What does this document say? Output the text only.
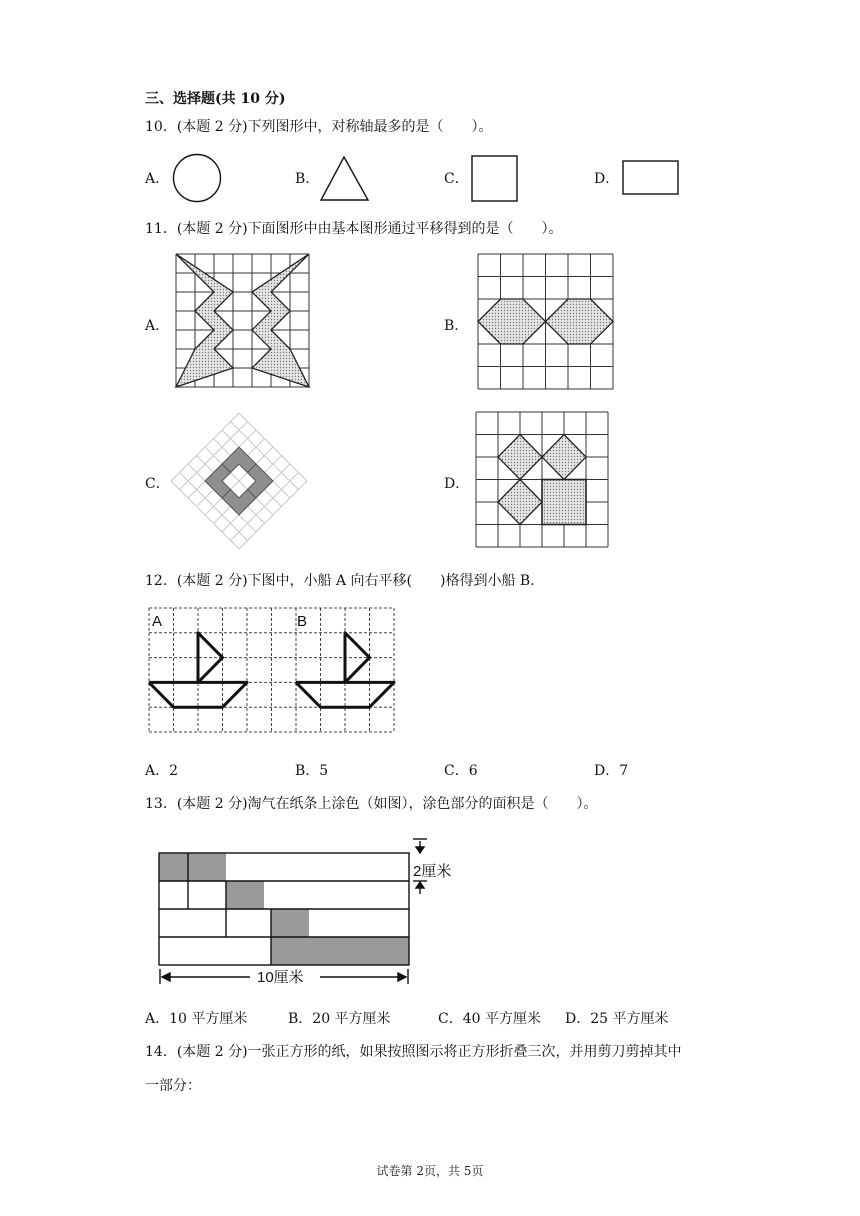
三、选择题(共 10 分)
10．(本题 2 分)下列图形中，对称轴最多的是（　　）。
A．	B．	C．	D．
11．(本题 2 分)下面图形中由基本图形通过平移得到的是（　　）。
A．	B．
C．	D．
12．(本题 2 分)下图中，小船 A 向右平移(　　)格得到小船 B．
A	B
A．2	B．5	C．6	D．7
13．(本题 2 分)淘气在纸条上涂色（如图），涂色部分的面积是（　　）。
2厘米
10厘米
A．10 平方厘米	B．20 平方厘米	C．40 平方厘米 D．25 平方厘米
14．(本题 2 分)一张正方形的纸，如果按照图示将正方形折叠三次，并用剪刀剪掉其中
一部分：
试卷第 2页，共 5页
